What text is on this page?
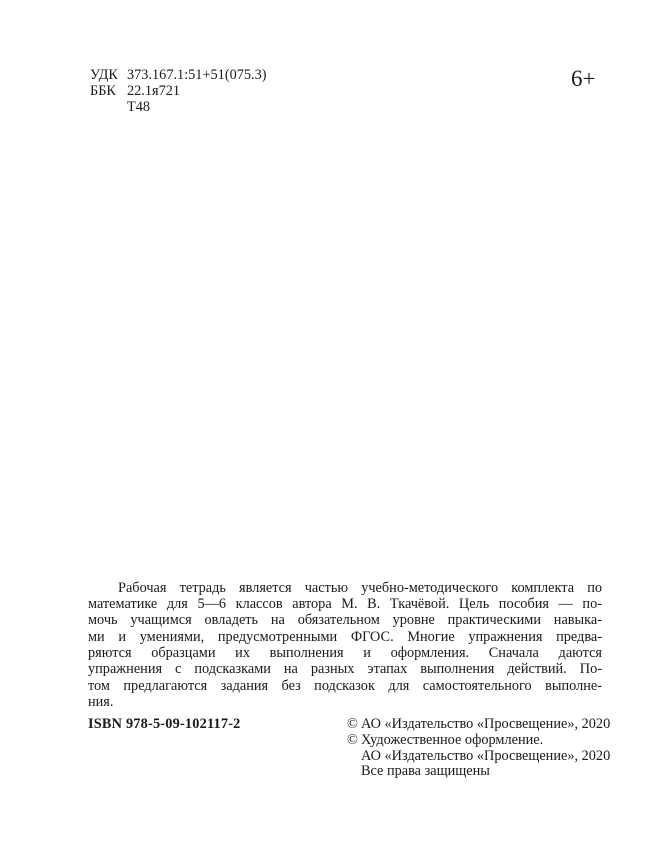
УДК 373.167.1:51+51(075.3)
ББК 22.1я721
Т48
6+
Рабочая тетрадь является частью учебно-методического комплекта по
математике для 5—6 классов автора М. В. Ткачёвой. Цель пособия — по-
мочь учащимся овладеть на обязательном уровне практическими навыка-
ми и умениями, предусмотренными ФГОС. Многие упражнения предва-
ряются образцами их выполнения и оформления. Сначала даются
упражнения с подсказками на разных этапах выполнения действий. По-
том предлагаются задания без подсказок для самостоятельного выполне-
ния.
ISBN 978-5-09-102117-2	© АО «Издательство «Просвещение», 2020
© Художественное оформление.
АО «Издательство «Просвещение», 2020
Все права защищены
